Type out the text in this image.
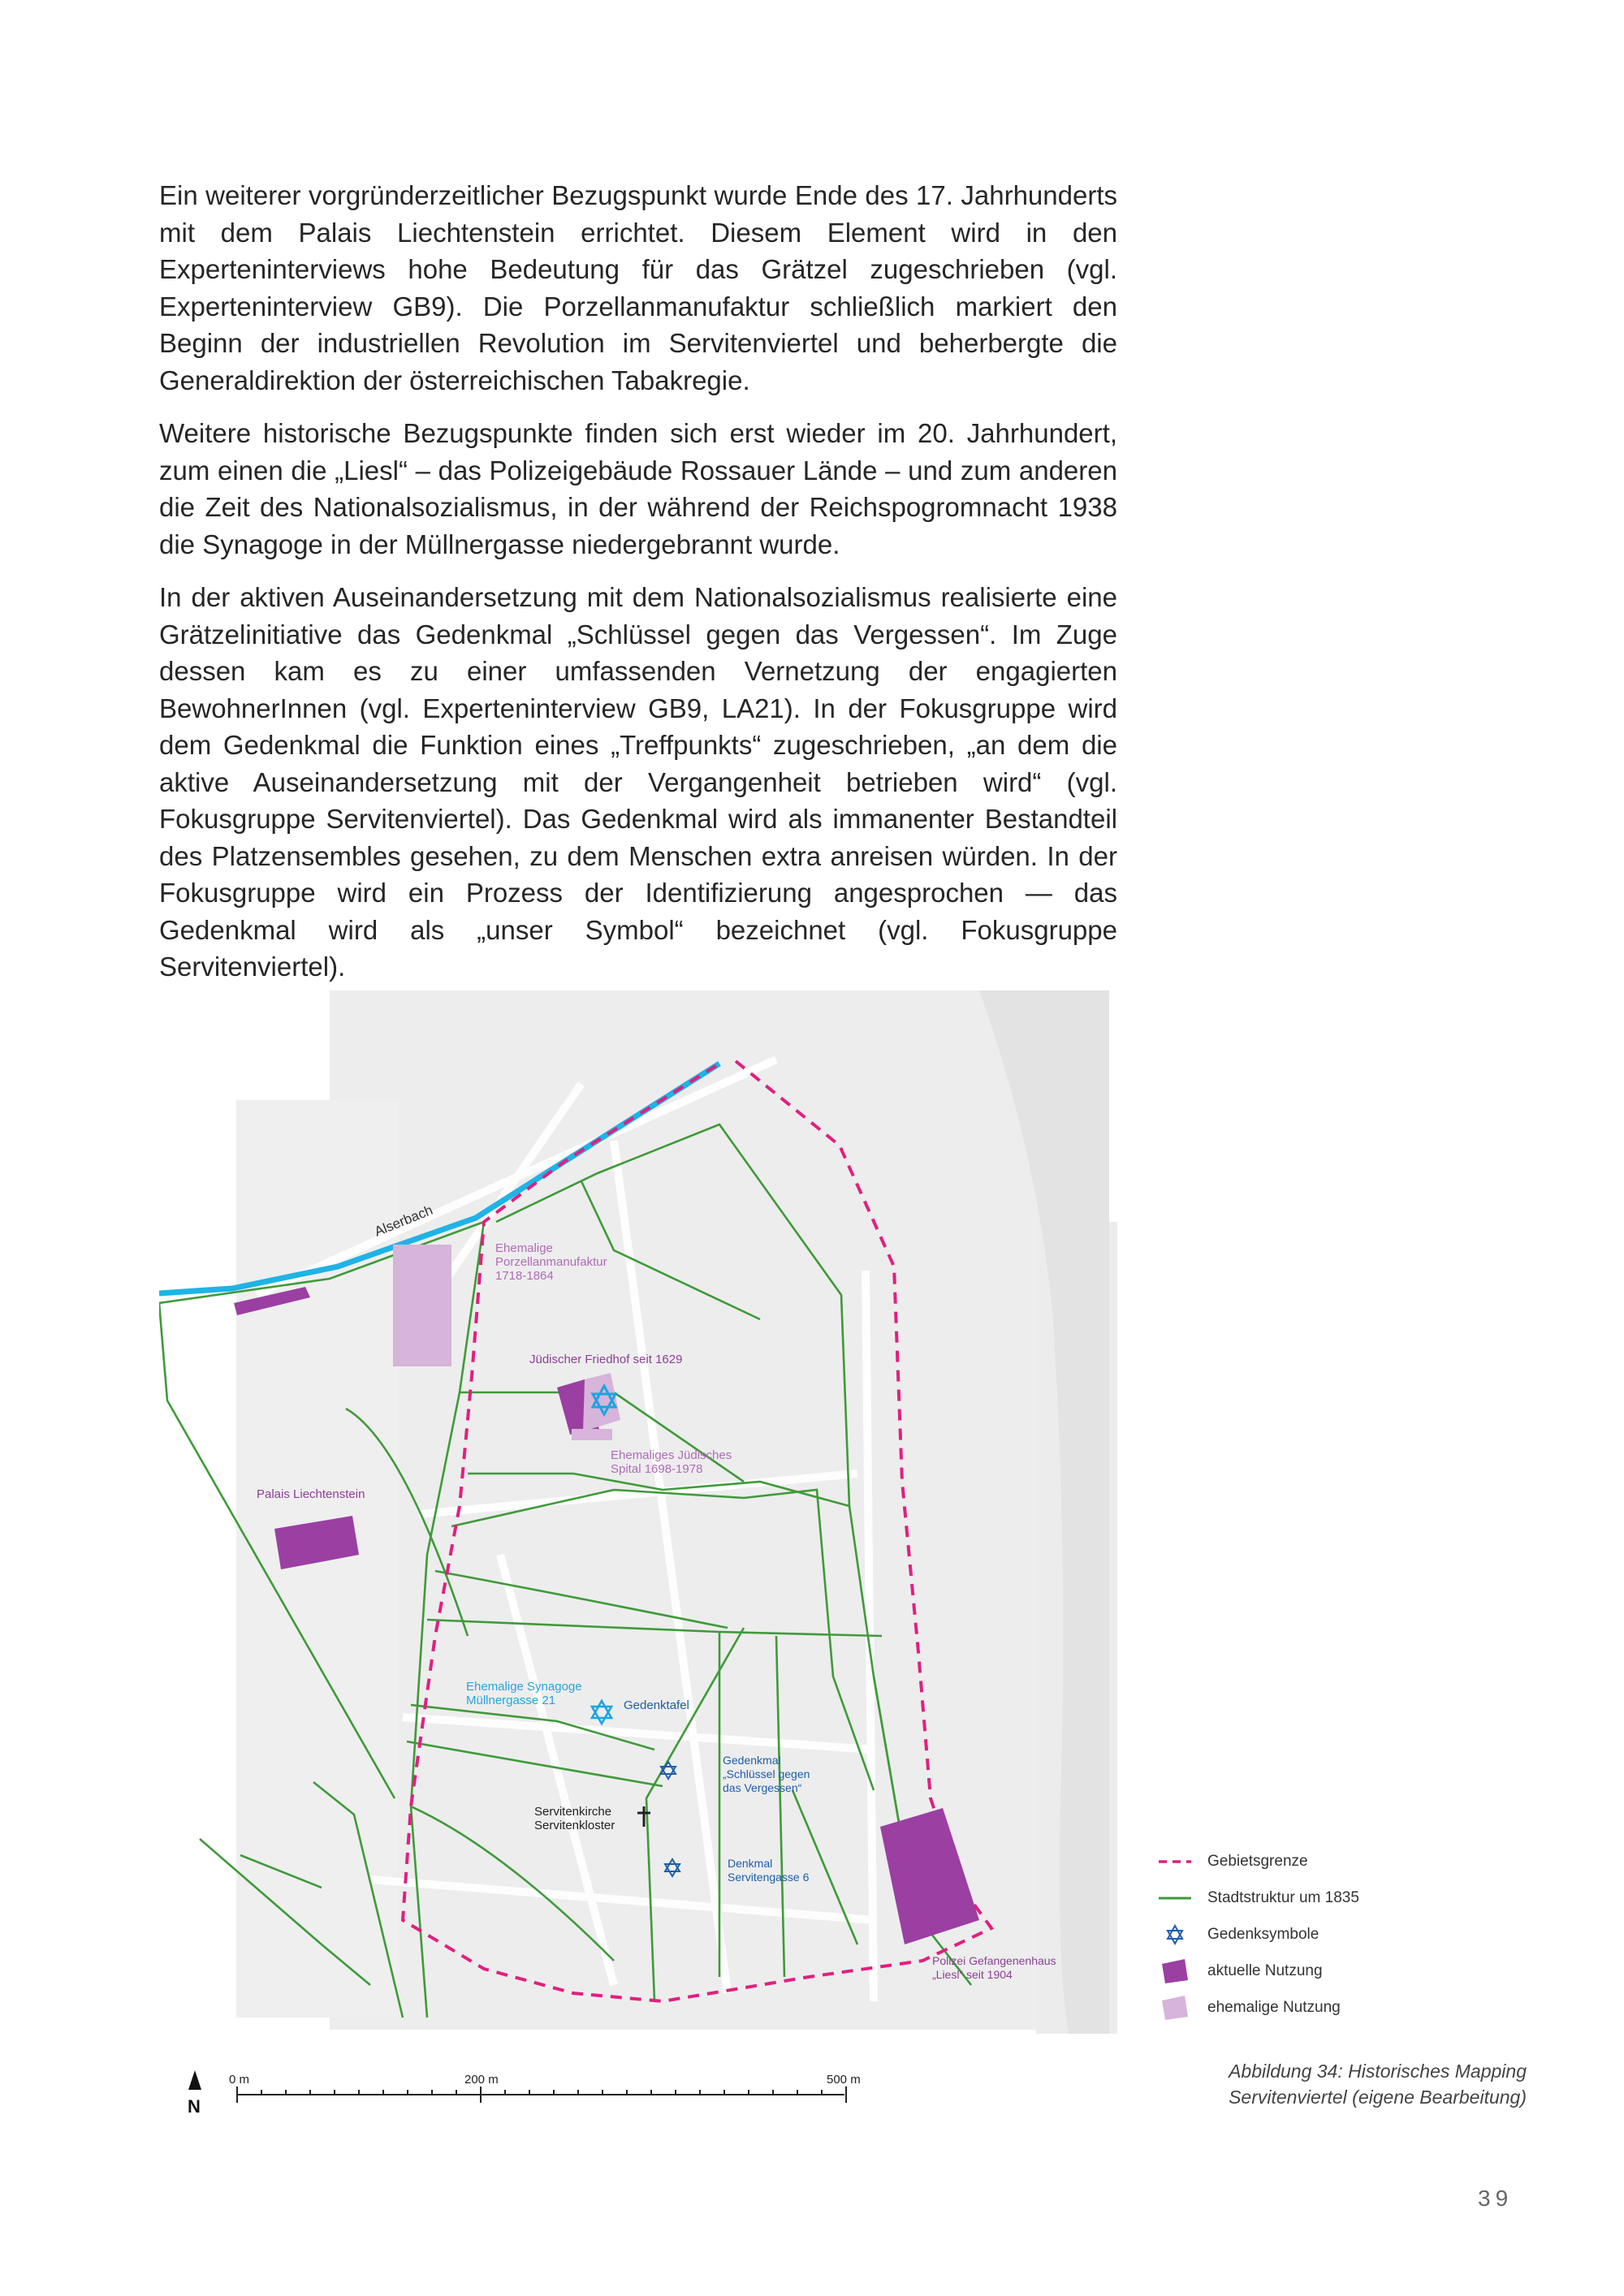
Ein weiterer vorgründerzeitlicher Bezugspunkt wurde Ende des 17. Jahrhunderts mit dem Palais Liechtenstein errichtet. Diesem Element wird in den Experteninterviews hohe Bedeutung für das Grätzel zugeschrieben (vgl. Experteninterview GB9). Die Porzellanmanufaktur schließlich markiert den Beginn der industriellen Revolution im Servitenviertel und beherbergte die Generaldirektion der österreichischen Tabakregie.

Weitere historische Bezugspunkte finden sich erst wieder im 20. Jahrhundert, zum einen die „Liesl“ – das Polizeigebäude Rossauer Lände – und zum anderen die Zeit des Nationalsozialismus, in der während der Reichspogromnacht 1938 die Synagoge in der Müllnergasse niedergebrannt wurde.

In der aktiven Auseinandersetzung mit dem Nationalsozialismus realisierte eine Grätzelinitiative das Gedenkmal „Schlüssel gegen das Vergessen“. Im Zuge dessen kam es zu einer umfassenden Vernetzung der engagierten BewohnerInnen (vgl. Experteninterview GB9, LA21). In der Fokusgruppe wird dem Gedenkmal die Funktion eines „Treffpunkts“ zugeschrieben, „an dem die aktive Auseinandersetzung mit der Vergangenheit betrieben wird“ (vgl. Fokusgruppe Servitenviertel). Das Gedenkmal wird als immanenter Bestandteil des Platzensembles gesehen, zu dem Menschen extra anreisen würden. In der Fokusgruppe wird ein Prozess der Identifizierung angesprochen — das Gedenkmal wird als „unser Symbol“ bezeichnet (vgl. Fokusgruppe Servitenviertel).

Alserbach
Ehemalige Porzellanmanufaktur 1718-1864
Jüdischer Friedhof seit 1629
Ehemaliges Jüdisches Spital 1698-1978
Palais Liechtenstein
Ehemalige Synagoge Müllnergasse 21	Gedenktafel
Gedenkmal „Schlüssel gegen das Vergessen“
Servitenkirche Servitenkloster
Denkmal Servitengasse 6
Polizei Gefangenenhaus „Liesl“ seit 1904
N
0 m	200 m	500 m
Gebietsgrenze
Stadtstruktur um 1835
Gedenksymbole
aktuelle Nutzung
ehemalige Nutzung
Abbildung 34: Historisches Mapping
Servitenviertel (eigene Bearbeitung)
39
